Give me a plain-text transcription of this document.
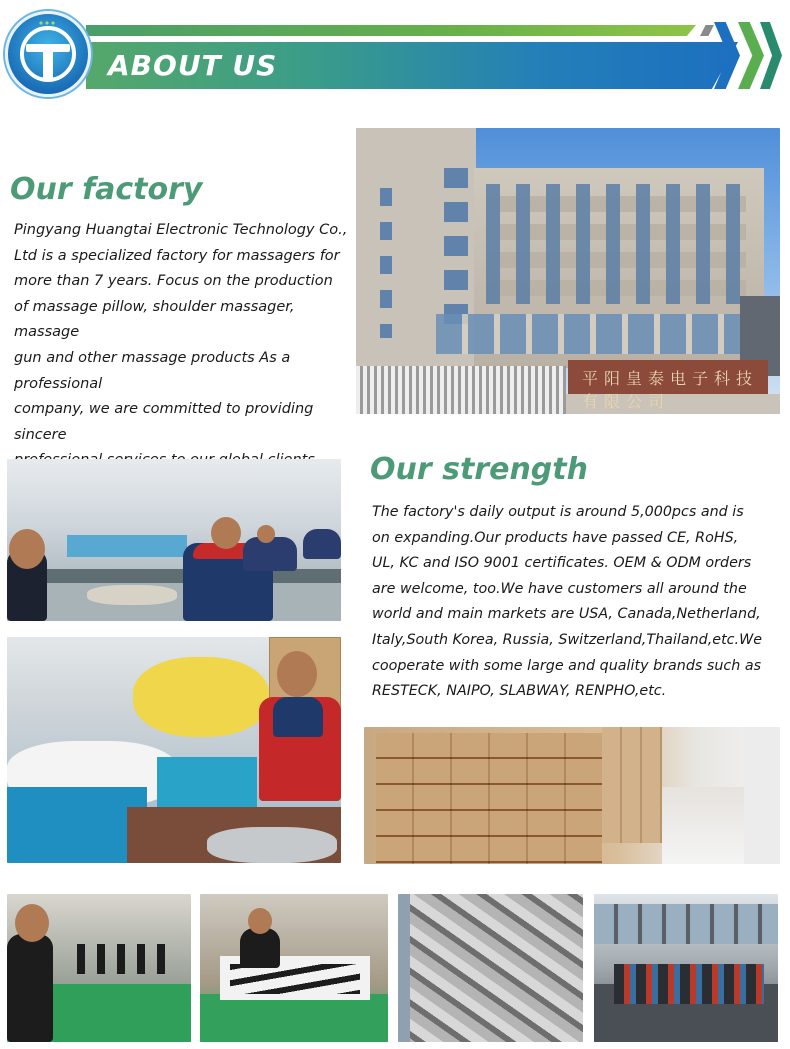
ABOUT US
Our factory
Pingyang Huangtai Electronic Technology Co.,
Ltd is a specialized factory for massagers for
more than 7 years. Focus on the production
of massage pillow, shoulder massager, massage
gun and other massage products As a professional
company, we are committed to providing sincere
平阳皇泰电子科技有限公司
Our strength
The factory's daily output is around 5,000pcs and is
on expanding.Our products have passed CE, RoHS,
UL, KC and ISO 9001 certificates. OEM & ODM orders
are welcome, too.We have customers all around the
world and main markets are USA, Canada,Netherland,
Italy,South Korea, Russia, Switzerland,Thailand,etc.We
cooperate with some large and quality brands such as
RESTECK, NAIPO, SLABWAY, RENPHO,etc.
